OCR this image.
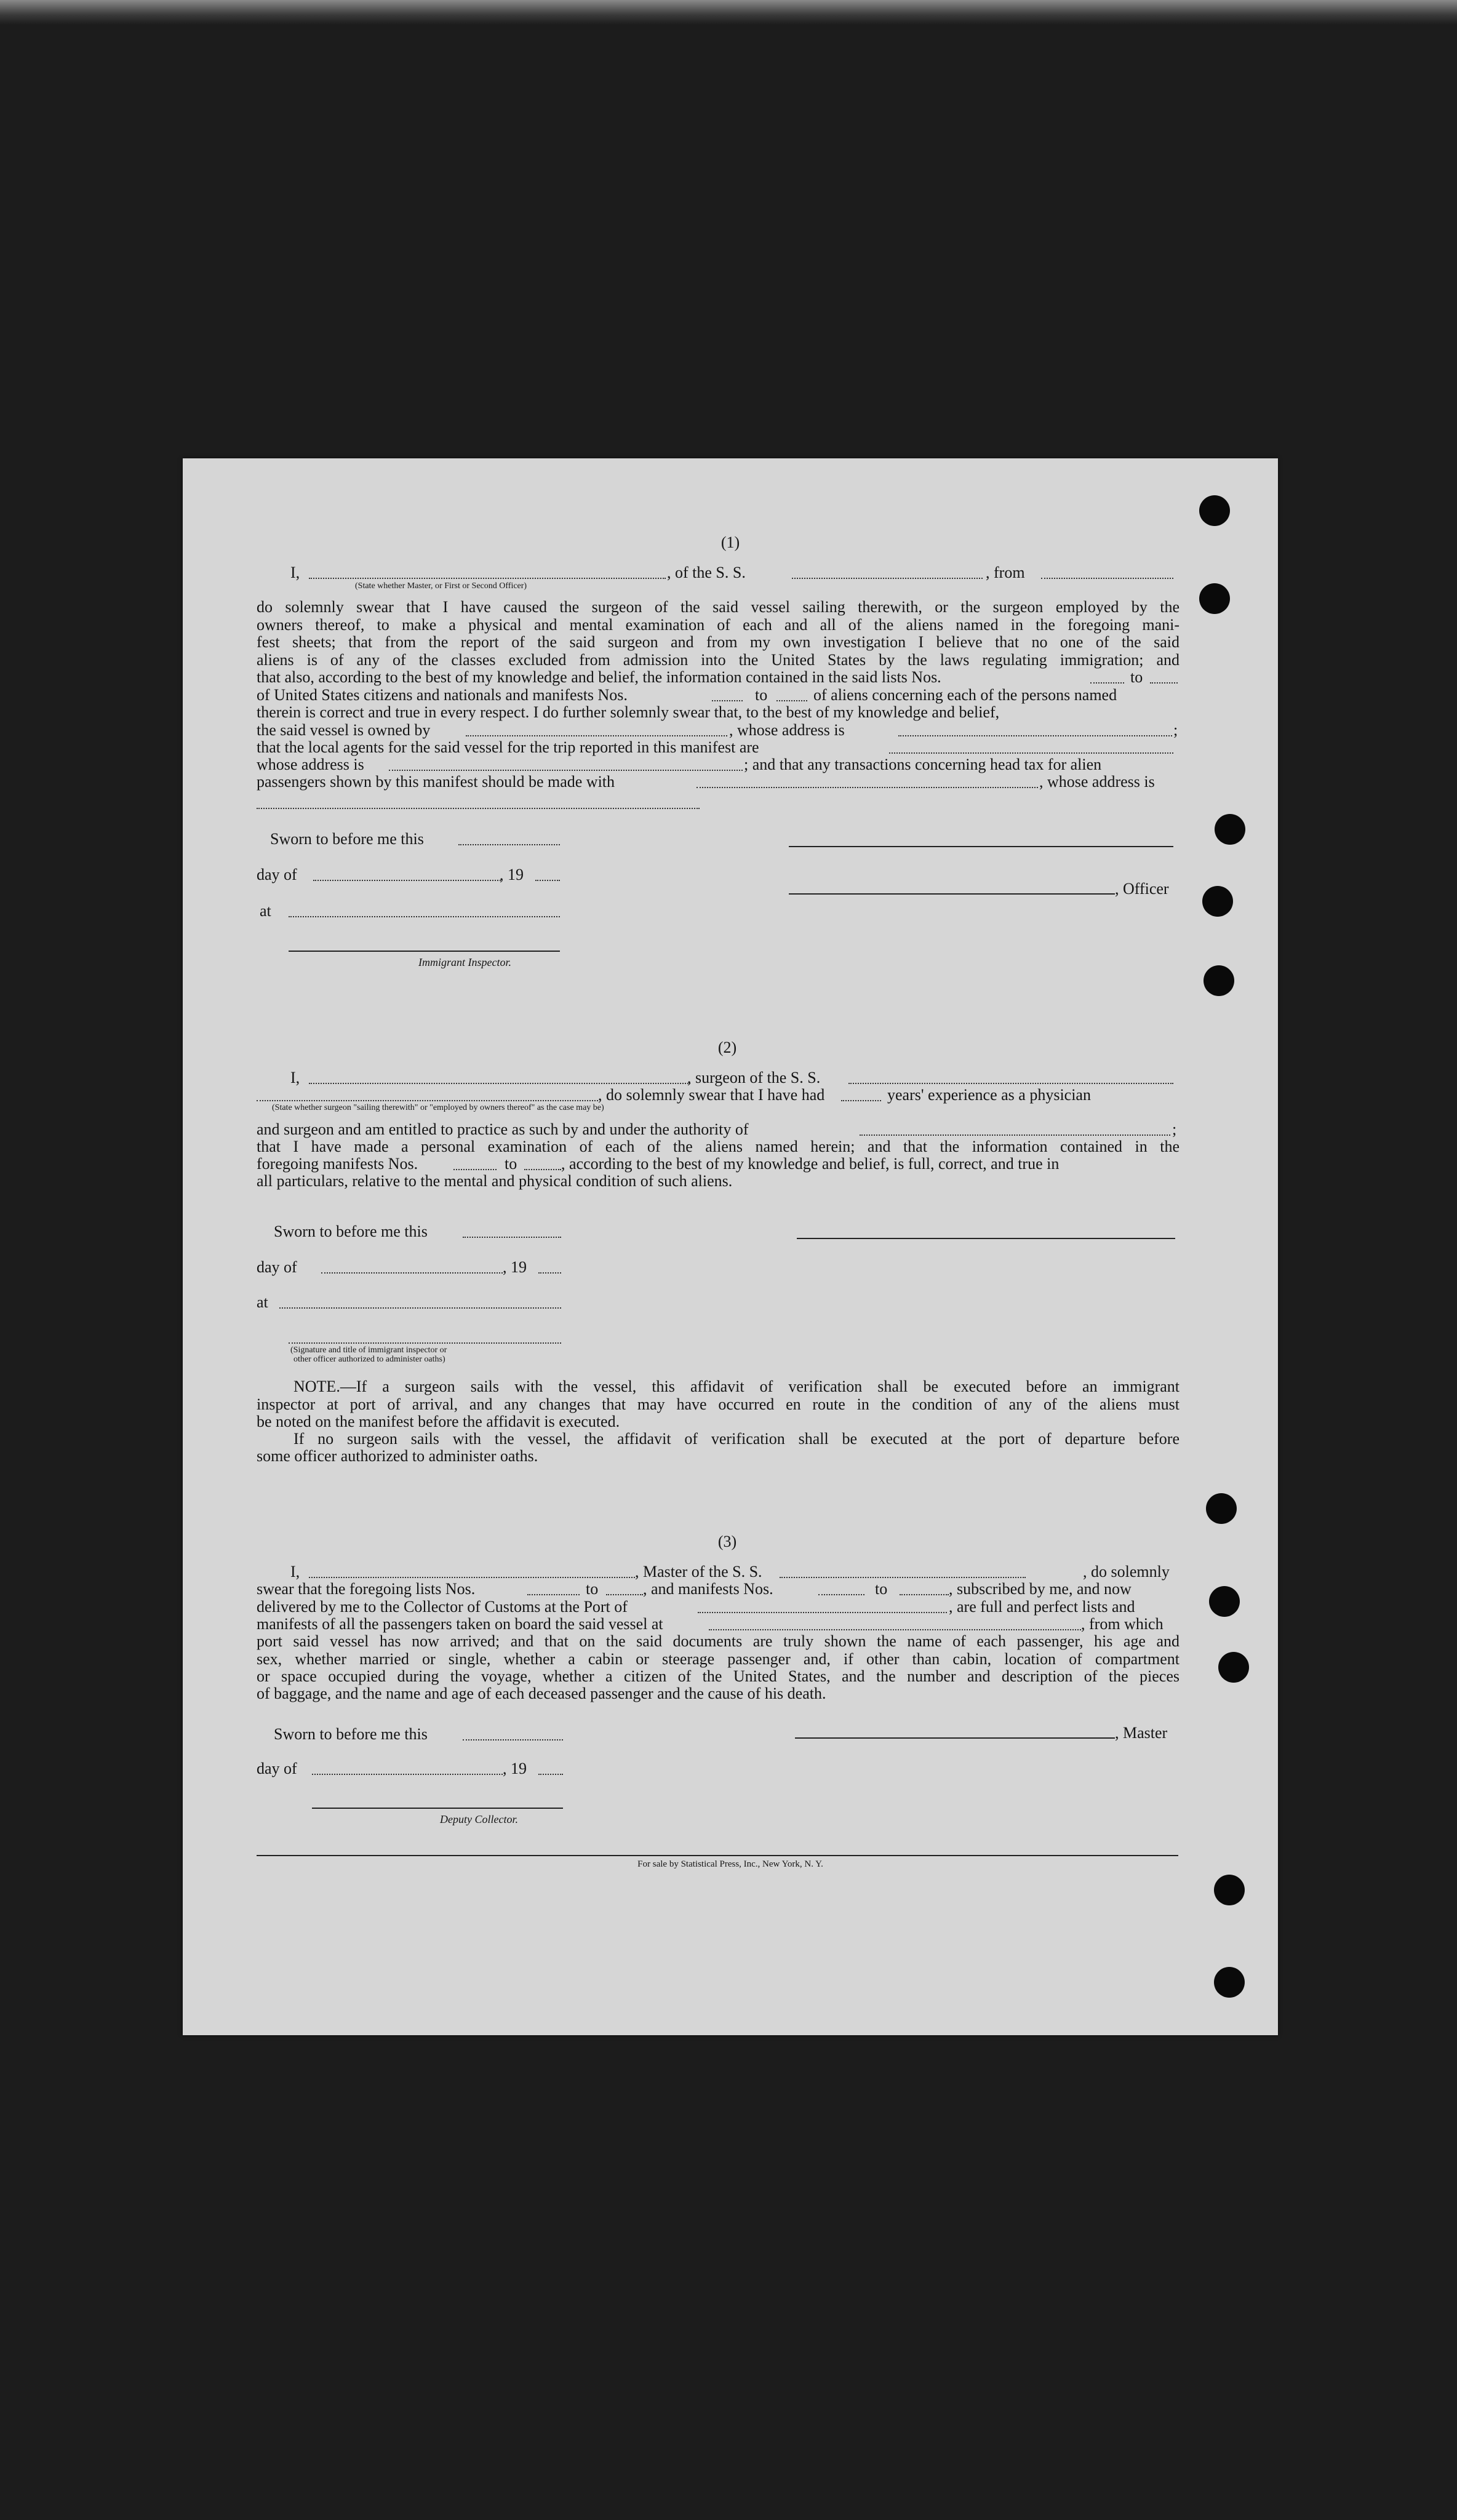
(1)
I,	, of the S. S.	, from
(State whether Master, or First or Second Officer)
do solemnly swear that I have caused the surgeon of the said vessel sailing therewith, or the surgeon employed by the
owners thereof, to make a physical and mental examination of each and all of the aliens named in the foregoing mani-
fest sheets; that from the report of the said surgeon and from my own investigation I believe that no one of the said
aliens is of any of the classes excluded from admission into the United States by the laws regulating immigration; and
that also, according to the best of my knowledge and belief, the information contained in the said lists Nos.	to
of United States citizens and nationals and manifests Nos.	to	of aliens concerning each of the persons named
therein is correct and true in every respect. I do further solemnly swear that, to the best of my knowledge and belief,
the said vessel is owned by	, whose address is	;
that the local agents for the said vessel for the trip reported in this manifest are
whose address is	; and that any transactions concerning head tax for alien
passengers shown by this manifest should be made with	, whose address is
Sworn to before me this
day of	, 19
at
Immigrant Inspector.
, Officer
(2)
I,	, surgeon of the S. S.
, do solemnly swear that I have had	years' experience as a physician
(State whether surgeon "sailing therewith" or "employed by owners thereof" as the case may be)
and surgeon and am entitled to practice as such by and under the authority of	;
that I have made a personal examination of each of the aliens named herein; and that the information contained in the
foregoing manifests Nos.	to	, according to the best of my knowledge and belief, is full, correct, and true in
all particulars, relative to the mental and physical condition of such aliens.
Sworn to before me this
day of	, 19
at
(Signature and title of immigrant inspector or
other officer authorized to administer oaths)
NOTE.—If a surgeon sails with the vessel, this affidavit of verification shall be executed before an immigrant
inspector at port of arrival, and any changes that may have occurred en route in the condition of any of the aliens must
be noted on the manifest before the affidavit is executed.
If no surgeon sails with the vessel, the affidavit of verification shall be executed at the port of departure before
some officer authorized to administer oaths.
(3)
I,	, Master of the S. S.	, do solemnly
swear that the foregoing lists Nos.	to	, and manifests Nos.	to	, subscribed by me, and now
delivered by me to the Collector of Customs at the Port of	, are full and perfect lists and
manifests of all the passengers taken on board the said vessel at	, from which
port said vessel has now arrived; and that on the said documents are truly shown the name of each passenger, his age and
sex, whether married or single, whether a cabin or steerage passenger and, if other than cabin, location of compartment
or space occupied during the voyage, whether a citizen of the United States, and the number and description of the pieces
of baggage, and the name and age of each deceased passenger and the cause of his death.
Sworn to before me this
day of	, 19
Deputy Collector.
, Master
For sale by Statistical Press, Inc., New York, N. Y.
